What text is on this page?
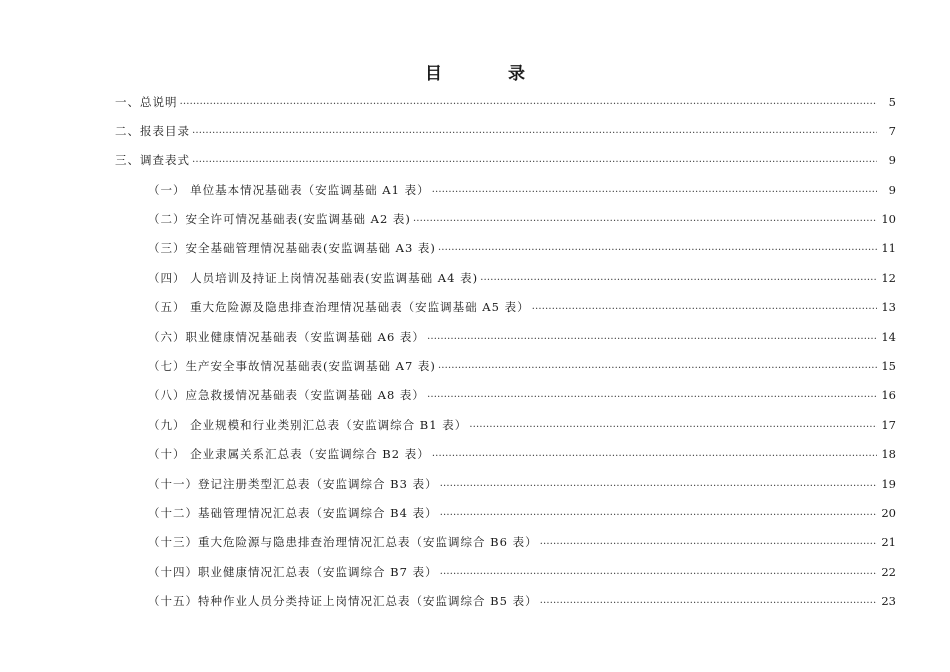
目 录
一、总说明 …………………………………………………………………………………………………………………………………………………………………………………………………………	5
二、报表目录 …………………………………………………………………………………………………………………………………………………………………………………………………………	7
三、调查表式 …………………………………………………………………………………………………………………………………………………………………………………………………………	9
（一） 单位基本情况基础表（安监调基础 A1 表） …………………………………………………………………………………………………………………………………………………………………………………………………………	9
（二）安全许可情况基础表(安监调基础 A2 表) …………………………………………………………………………………………………………………………………………………………………………………………………………	10
（三）安全基础管理情况基础表(安监调基础 A3 表) …………………………………………………………………………………………………………………………………………………………………………………………………………	11
（四） 人员培训及持证上岗情况基础表(安监调基础 A4 表) …………………………………………………………………………………………………………………………………………………………………………………………………………	12
（五） 重大危险源及隐患排查治理情况基础表（安监调基础 A5 表） …………………………………………………………………………………………………………………………………………………………………………………………………………	13
（六）职业健康情况基础表（安监调基础 A6 表） …………………………………………………………………………………………………………………………………………………………………………………………………………	14
（七）生产安全事故情况基础表(安监调基础 A7 表) …………………………………………………………………………………………………………………………………………………………………………………………………………	15
（八）应急救援情况基础表（安监调基础 A8 表） …………………………………………………………………………………………………………………………………………………………………………………………………………	16
（九） 企业规模和行业类别汇总表（安监调综合 B1 表） …………………………………………………………………………………………………………………………………………………………………………………………………………	17
（十） 企业隶属关系汇总表（安监调综合 B2 表） …………………………………………………………………………………………………………………………………………………………………………………………………………	18
（十一）登记注册类型汇总表（安监调综合 B3 表） …………………………………………………………………………………………………………………………………………………………………………………………………………	19
（十二）基础管理情况汇总表（安监调综合 B4 表） …………………………………………………………………………………………………………………………………………………………………………………………………………	20
（十三）重大危险源与隐患排查治理情况汇总表（安监调综合 B6 表） …………………………………………………………………………………………………………………………………………………………………………………………………………	21
（十四）职业健康情况汇总表（安监调综合 B7 表） …………………………………………………………………………………………………………………………………………………………………………………………………………	22
（十五）特种作业人员分类持证上岗情况汇总表（安监调综合 B5 表） …………………………………………………………………………………………………………………………………………………………………………………………………………	23
